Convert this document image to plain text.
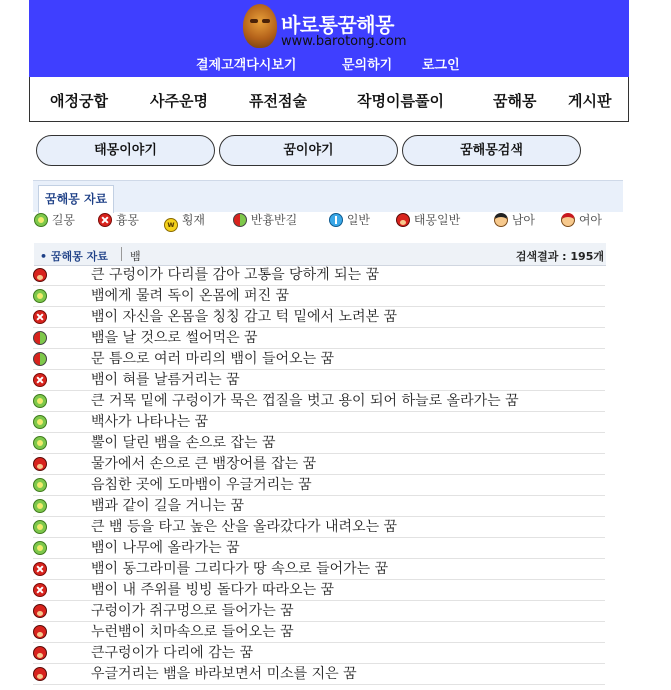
바로통꿈해몽
www.barotong.com
결제고객다시보기	문의하기 로그인
애정궁합	사주운명	퓨전점술	작명이름풀이	꿈해몽 게시판
태몽이야기	꿈이야기	꿈해몽검색
꿈해몽 자료
길몽	흉몽	w 횡재	반흉반길	일반	태몽일반	남아	여아
• 꿈해몽 자료 뱀	검색결과 : 195개
큰 구렁이가 다리를 감아 고통을 당하게 되는 꿈
뱀에게 물려 독이 온몸에 퍼진 꿈
뱀이 자신을 온몸을 칭칭 감고 턱 밑에서 노려본 꿈
뱀을 날 것으로 썰어먹은 꿈
문 틈으로 여러 마리의 뱀이 들어오는 꿈
뱀이 혀를 날름거리는 꿈
큰 거목 밑에 구렁이가 묵은 껍질을 벗고 용이 되어 하늘로 올라가는 꿈
백사가 나타나는 꿈
뿔이 달린 뱀을 손으로 잡는 꿈
물가에서 손으로 큰 뱀장어를 잡는 꿈
음침한 곳에 도마뱀이 우글거리는 꿈
뱀과 같이 길을 거니는 꿈
큰 뱀 등을 타고 높은 산을 올라갔다가 내려오는 꿈
뱀이 나무에 올라가는 꿈
뱀이 동그라미를 그리다가 땅 속으로 들어가는 꿈
뱀이 내 주위를 빙빙 돌다가 따라오는 꿈
구렁이가 쥐구멍으로 들어가는 꿈
누런뱀이 치마속으로 들어오는 꿈
큰구렁이가 다리에 감는 꿈
우글거리는 뱀을 바라보면서 미소를 지은 꿈
